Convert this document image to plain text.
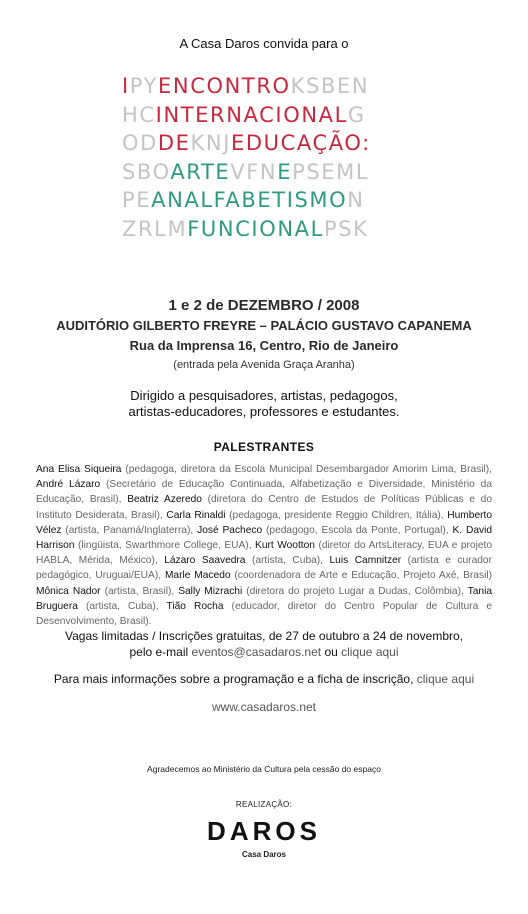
A Casa Daros convida para o
IPYENCONTROKSBEN
HCINTERNACIONALG
ODDEKNJEDUCAÇÃO:
SBOARTEVFNEPSEML
PEANALFABETISMON
ZRLMFUNCIONALPSK
1 e 2 de DEZEMBRO / 2008
AUDITÓRIO GILBERTO FREYRE – PALÁCIO GUSTAVO CAPANEMA
Rua da Imprensa 16, Centro, Rio de Janeiro
(entrada pela Avenida Graça Aranha)
Dirigido a pesquisadores, artistas, pedagogos,
artistas-educadores, professores e estudantes.
PALESTRANTES
Ana Elisa Siqueira (pedagoga, diretora da Escola Municipal Desembargador Amorim Lima, Brasil), André Lázaro (Secretário de Educação Continuada, Alfabetização e Diversidade, Ministério da Educação, Brasil), Beatriz Azeredo (diretora do Centro de Estudos de Políticas Públicas e do Instituto Desiderata, Brasil), Carla Rinaldi (pedagoga, presidente Reggio Children, Itália), Humberto Vélez (artista, Panamá/Inglaterra), José Pacheco (pedagogo, Escola da Ponte, Portugal), K. David Harrison (lingüista, Swarthmore College, EUA), Kurt Wootton (diretor do ArtsLiteracy, EUA e projeto HABLA, Mérida, México), Lázaro Saavedra (artista, Cuba), Luis Camnitzer (artista e curador pedagógico, Uruguai/EUA), Marle Macedo (coordenadora de Arte e Educação, Projeto Axé, Brasil) Mônica Nador (artista, Brasil), Sally Mizrachi (diretora do projeto Lugar a Dudas, Colômbia), Tania Bruguera (artista, Cuba), Tião Rocha (educador, diretor do Centro Popular de Cultura e Desenvolvimento, Brasil).
Vagas limitadas / Inscrições gratuitas, de 27 de outubro a 24 de novembro,
pelo e-mail eventos@casadaros.net ou clique aqui
Para mais informações sobre a programação e a ficha de inscrição, clique aqui
www.casadaros.net
Agradecemos ao Ministério da Cultura pela cessão do espaço
REALIZAÇÃO:
DAROS
Casa Daros
